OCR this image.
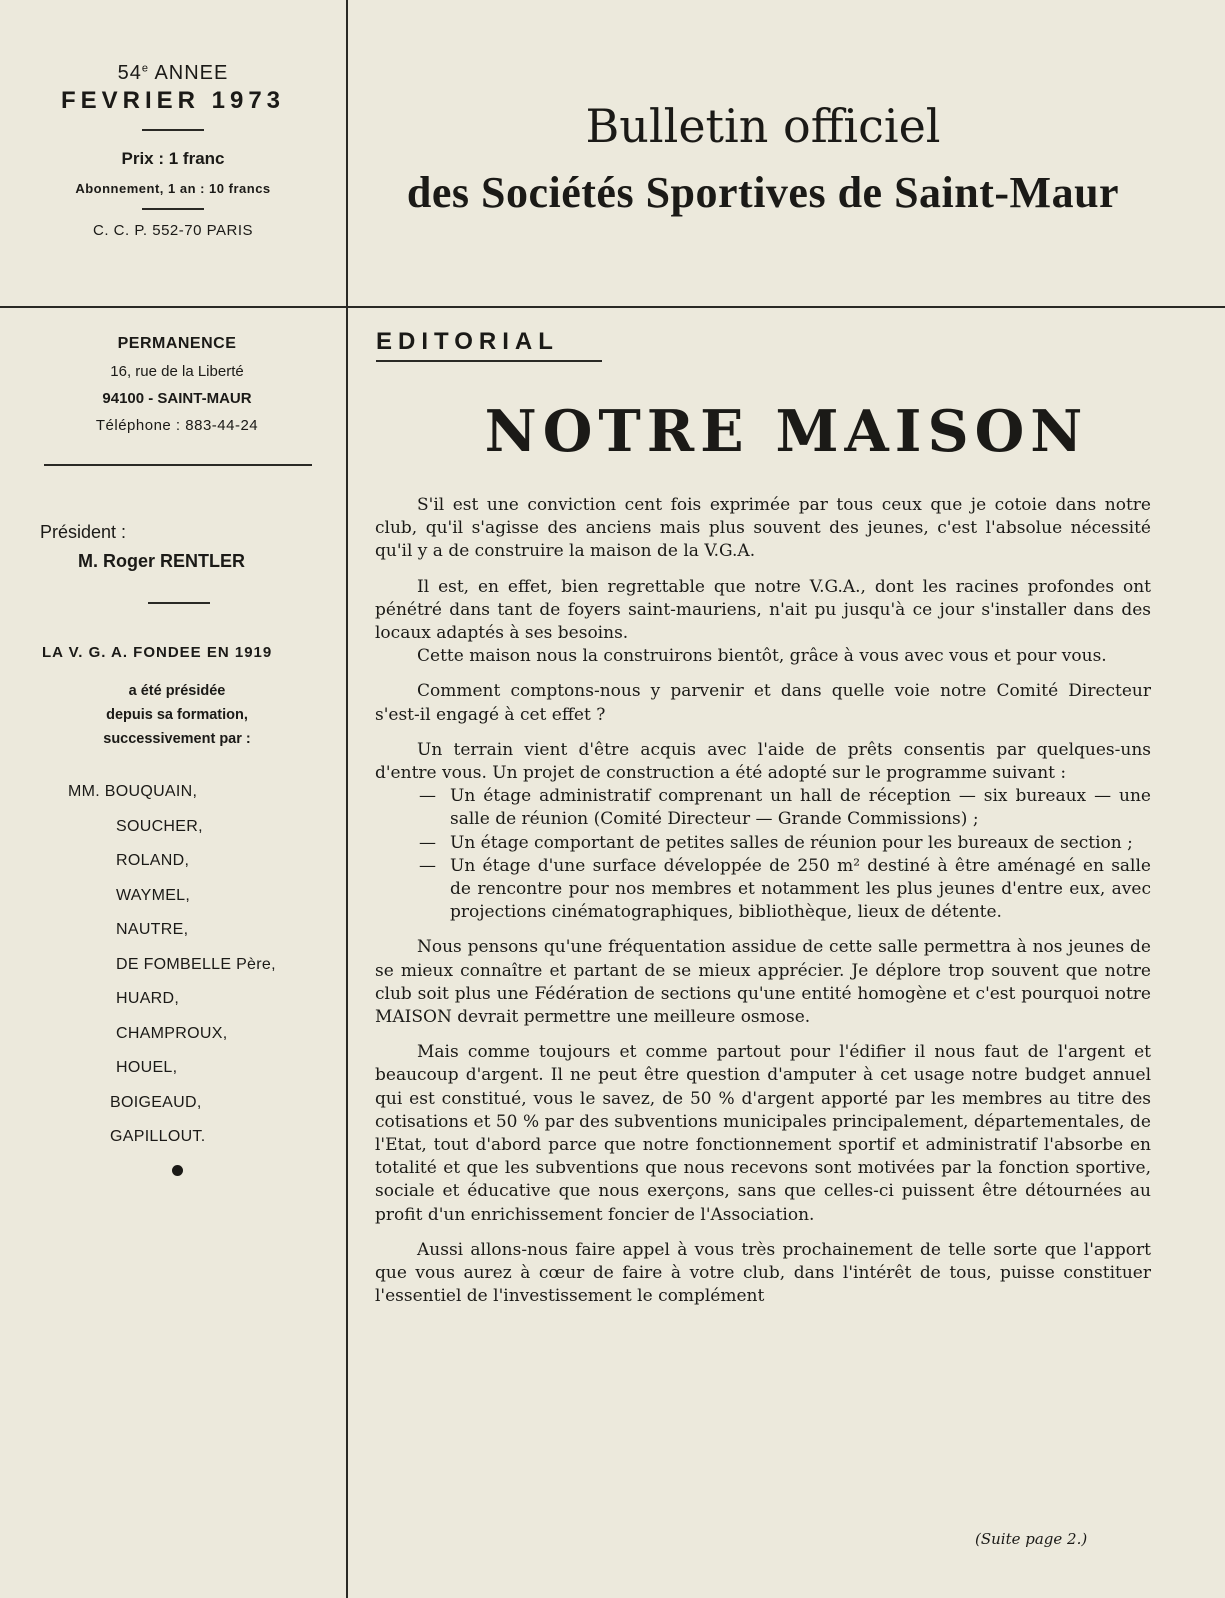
54e ANNEE
FEVRIER 1973
Prix : 1 franc
Abonnement, 1 an : 10 francs
C. C. P. 552-70 PARIS
Bulletin officiel
des Sociétés Sportives de Saint-Maur
PERMANENCE
16, rue de la Liberté
94100 - SAINT-MAUR
Téléphone : 883-44-24
Président :
M. Roger RENTLER
LA V. G. A. FONDEE EN 1919
a été présidée
depuis sa formation,
successivement par :
MM. BOUQUAIN,
SOUCHER,
ROLAND,
WAYMEL,
NAUTRE,
DE FOMBELLE Père,
HUARD,
CHAMPROUX,
HOUEL,
BOIGEAUD,
GAPILLOUT.
EDITORIAL
NOTRE MAISON

S'il est une conviction cent fois exprimée par tous ceux que je cotoie dans notre club, qu'il s'agisse des anciens mais plus souvent des jeunes, c'est l'absolue nécessité qu'il y a de construire la maison de la V.G.A.

Il est, en effet, bien regrettable que notre V.G.A., dont les racines profondes ont pénétré dans tant de foyers saint-mauriens, n'ait pu jusqu'à ce jour s'installer dans des locaux adaptés à ses besoins.

Cette maison nous la construirons bientôt, grâce à vous avec vous et pour vous.

Comment comptons-nous y parvenir et dans quelle voie notre Comité Directeur s'est-il engagé à cet effet ?

Un terrain vient d'être acquis avec l'aide de prêts consentis par quelques-uns d'entre vous. Un projet de construction a été adopté sur le programme suivant :

— Un étage administratif comprenant un hall de réception — six bureaux — une salle de réunion (Comité Directeur — Grande Commissions) ;
— Un étage comportant de petites salles de réunion pour les bureaux de section ;
— Un étage d'une surface développée de 250 m² destiné à être aménagé en salle de rencontre pour nos membres et notamment les plus jeunes d'entre eux, avec projections cinématographiques, bibliothèque, lieux de détente.

Nous pensons qu'une fréquentation assidue de cette salle permettra à nos jeunes de se mieux connaître et partant de se mieux apprécier. Je déplore trop souvent que notre club soit plus une Fédération de sections qu'une entité homogène et c'est pourquoi notre MAISON devrait permettre une meilleure osmose.

Mais comme toujours et comme partout pour l'édifier il nous faut de l'argent et beaucoup d'argent. Il ne peut être question d'amputer à cet usage notre budget annuel qui est constitué, vous le savez, de 50 % d'argent apporté par les membres au titre des cotisations et 50 % par des subventions municipales principalement, départementales, de l'Etat, tout d'abord parce que notre fonctionnement sportif et administratif l'absorbe en totalité et que les subventions que nous recevons sont motivées par la fonction sportive, sociale et éducative que nous exerçons, sans que celles-ci puissent être détournées au profit d'un enrichissement foncier de l'Association.

Aussi allons-nous faire appel à vous très prochainement de telle sorte que l'apport que vous aurez à cœur de faire à votre club, dans l'intérêt de tous, puisse constituer l'essentiel de l'investissement le complément

(Suite page 2.)
